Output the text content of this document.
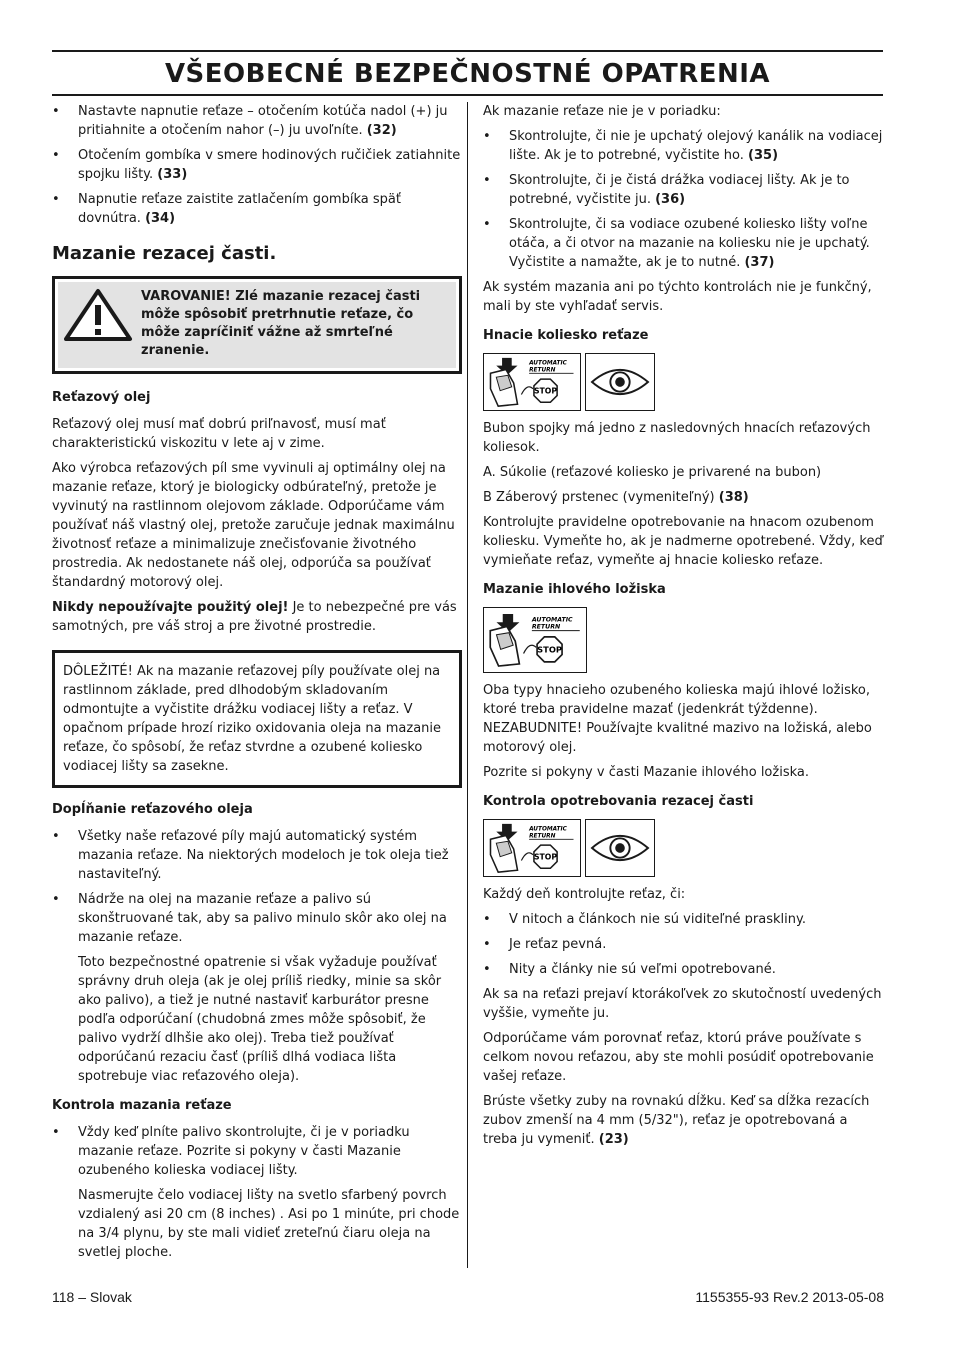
VŠEOBECNÉ BEZPEČNOSTNÉ OPATRENIA
• Nastavte napnutie reťaze – otočením kotúča nadol (+) ju pritiahnite a otočením nahor (–) ju uvoľníte. (32)
• Otočením gombíka v smere hodinových ručičiek zatiahnite spojku lišty. (33)
• Napnutie reťaze zaistite zatlačením gombíka späť dovnútra. (34)
Mazanie rezacej časti.
VAROVANIE! Zlé mazanie rezacej časti môže spôsobiť pretrhnutie reťaze, čo môže zapríčiniť vážne až smrteľné zranenie.
Reťazový olej

Reťazový olej musí mať dobrú priľnavosť, musí mať charakteristickú viskozitu v lete aj v zime.

Ako výrobca reťazových píl sme vyvinuli aj optimálny olej na mazanie reťaze, ktorý je biologicky odbúrateľný, pretože je vyvinutý na rastlinnom olejovom základe. Odporúčame vám používať náš vlastný olej, pretože zaručuje jednak maximálnu životnosť reťaze a minimalizuje znečisťovanie životného prostredia. Ak nedostanete náš olej, odporúča sa používať štandardný motorový olej.

Nikdy nepoužívajte použitý olej! Je to nebezpečné pre vás samotných, pre váš stroj a pre životné prostredie.

DÔLEŽITÉ! Ak na mazanie reťazovej píly používate olej na rastlinnom základe, pred dlhodobým skladovaním odmontujte a vyčistite drážku vodiacej lišty a reťaz. V opačnom prípade hrozí riziko oxidovania oleja na mazanie reťaze, čo spôsobí, že reťaz stvrdne a ozubené koliesko vodiacej lišty sa zasekne.
Dopĺňanie reťazového oleja
• Všetky naše reťazové píly majú automatický systém mazania reťaze. Na niektorých modeloch je tok oleja tiež nastaviteľný.
• Nádrže na olej na mazanie reťaze a palivo sú skonštruované tak, aby sa palivo minulo skôr ako olej na mazanie reťaze.
Toto bezpečnostné opatrenie si však vyžaduje používať správny druh oleja (ak je olej príliš riedky, minie sa skôr ako palivo), a tiež je nutné nastaviť karburátor presne podľa odporúčaní (chudobná zmes môže spôsobiť, že palivo vydrží dlhšie ako olej). Treba tiež používať odporúčanú rezaciu časť (príliš dlhá vodiaca lišta spotrebuje viac reťazového oleja).
Kontrola mazania reťaze
• Vždy keď plníte palivo skontrolujte, či je v poriadku mazanie reťaze. Pozrite si pokyny v časti Mazanie ozubeného kolieska vodiacej lišty.
Nasmerujte čelo vodiacej lišty na svetlo sfarbený povrch vzdialený asi 20 cm (8 inches) . Asi po 1 minúte, pri chode na 3/4 plynu, by ste mali vidieť zreteľnú čiaru oleja na svetlej ploche.

Ak mazanie reťaze nie je v poriadku:

• Skontrolujte, či nie je upchatý olejový kanálik na vodiacej lište. Ak je to potrebné, vyčistite ho. (35)
• Skontrolujte, či je čistá drážka vodiacej lišty. Ak je to potrebné, vyčistite ju. (36)
• Skontrolujte, či sa vodiace ozubené koliesko lišty voľne otáča, a či otvor na mazanie na koliesku nie je upchatý. Vyčistite a namažte, ak je to nutné. (37)

Ak systém mazania ani po týchto kontrolách nie je funkčný, mali by ste vyhľadať servis.

Hnacie koliesko reťaze
AUTOMATIC
RETURN
STOP

Bubon spojky má jedno z nasledovných hnacích reťazových koliesok.

A. Súkolie (reťazové koliesko je privarené na bubon)

B Záberový prstenec (vymeniteľný) (38)

Kontrolujte pravidelne opotrebovanie na hnacom ozubenom koliesku. Vymeňte ho, ak je nadmerne opotrebené. Vždy, keď vymieňate reťaz, vymeňte aj hnacie koliesko reťaze.

Mazanie ihlového ložiska
AUTOMATIC
RETURN
STOP

Oba typy hnacieho ozubeného kolieska majú ihlové ložisko, ktoré treba pravidelne mazať (jedenkrát týždenne). NEZABUDNITE! Používajte kvalitné mazivo na ložiská, alebo motorový olej.

Pozrite si pokyny v časti Mazanie ihlového ložiska.

Kontrola opotrebovania rezacej časti
AUTOMATIC
RETURN
STOP

Každý deň kontrolujte reťaz, či:

• V nitoch a článkoch nie sú viditeľné praskliny.
• Je reťaz pevná.
• Nity a články nie sú veľmi opotrebované.

Ak sa na reťazi prejaví ktorákoľvek zo skutočností uvedených vyššie, vymeňte ju.

Odporúčame vám porovnať reťaz, ktorú práve používate s celkom novou reťazou, aby ste mohli posúdiť opotrebovanie vašej reťaze.

Brúste všetky zuby na rovnakú dĺžku. Keď sa dĺžka rezacích zubov zmenší na 4 mm (5/32"), reťaz je opotrebovaná a treba ju vymeniť. (23)

118 – Slovak	1155355-93 Rev.2 2013-05-08
